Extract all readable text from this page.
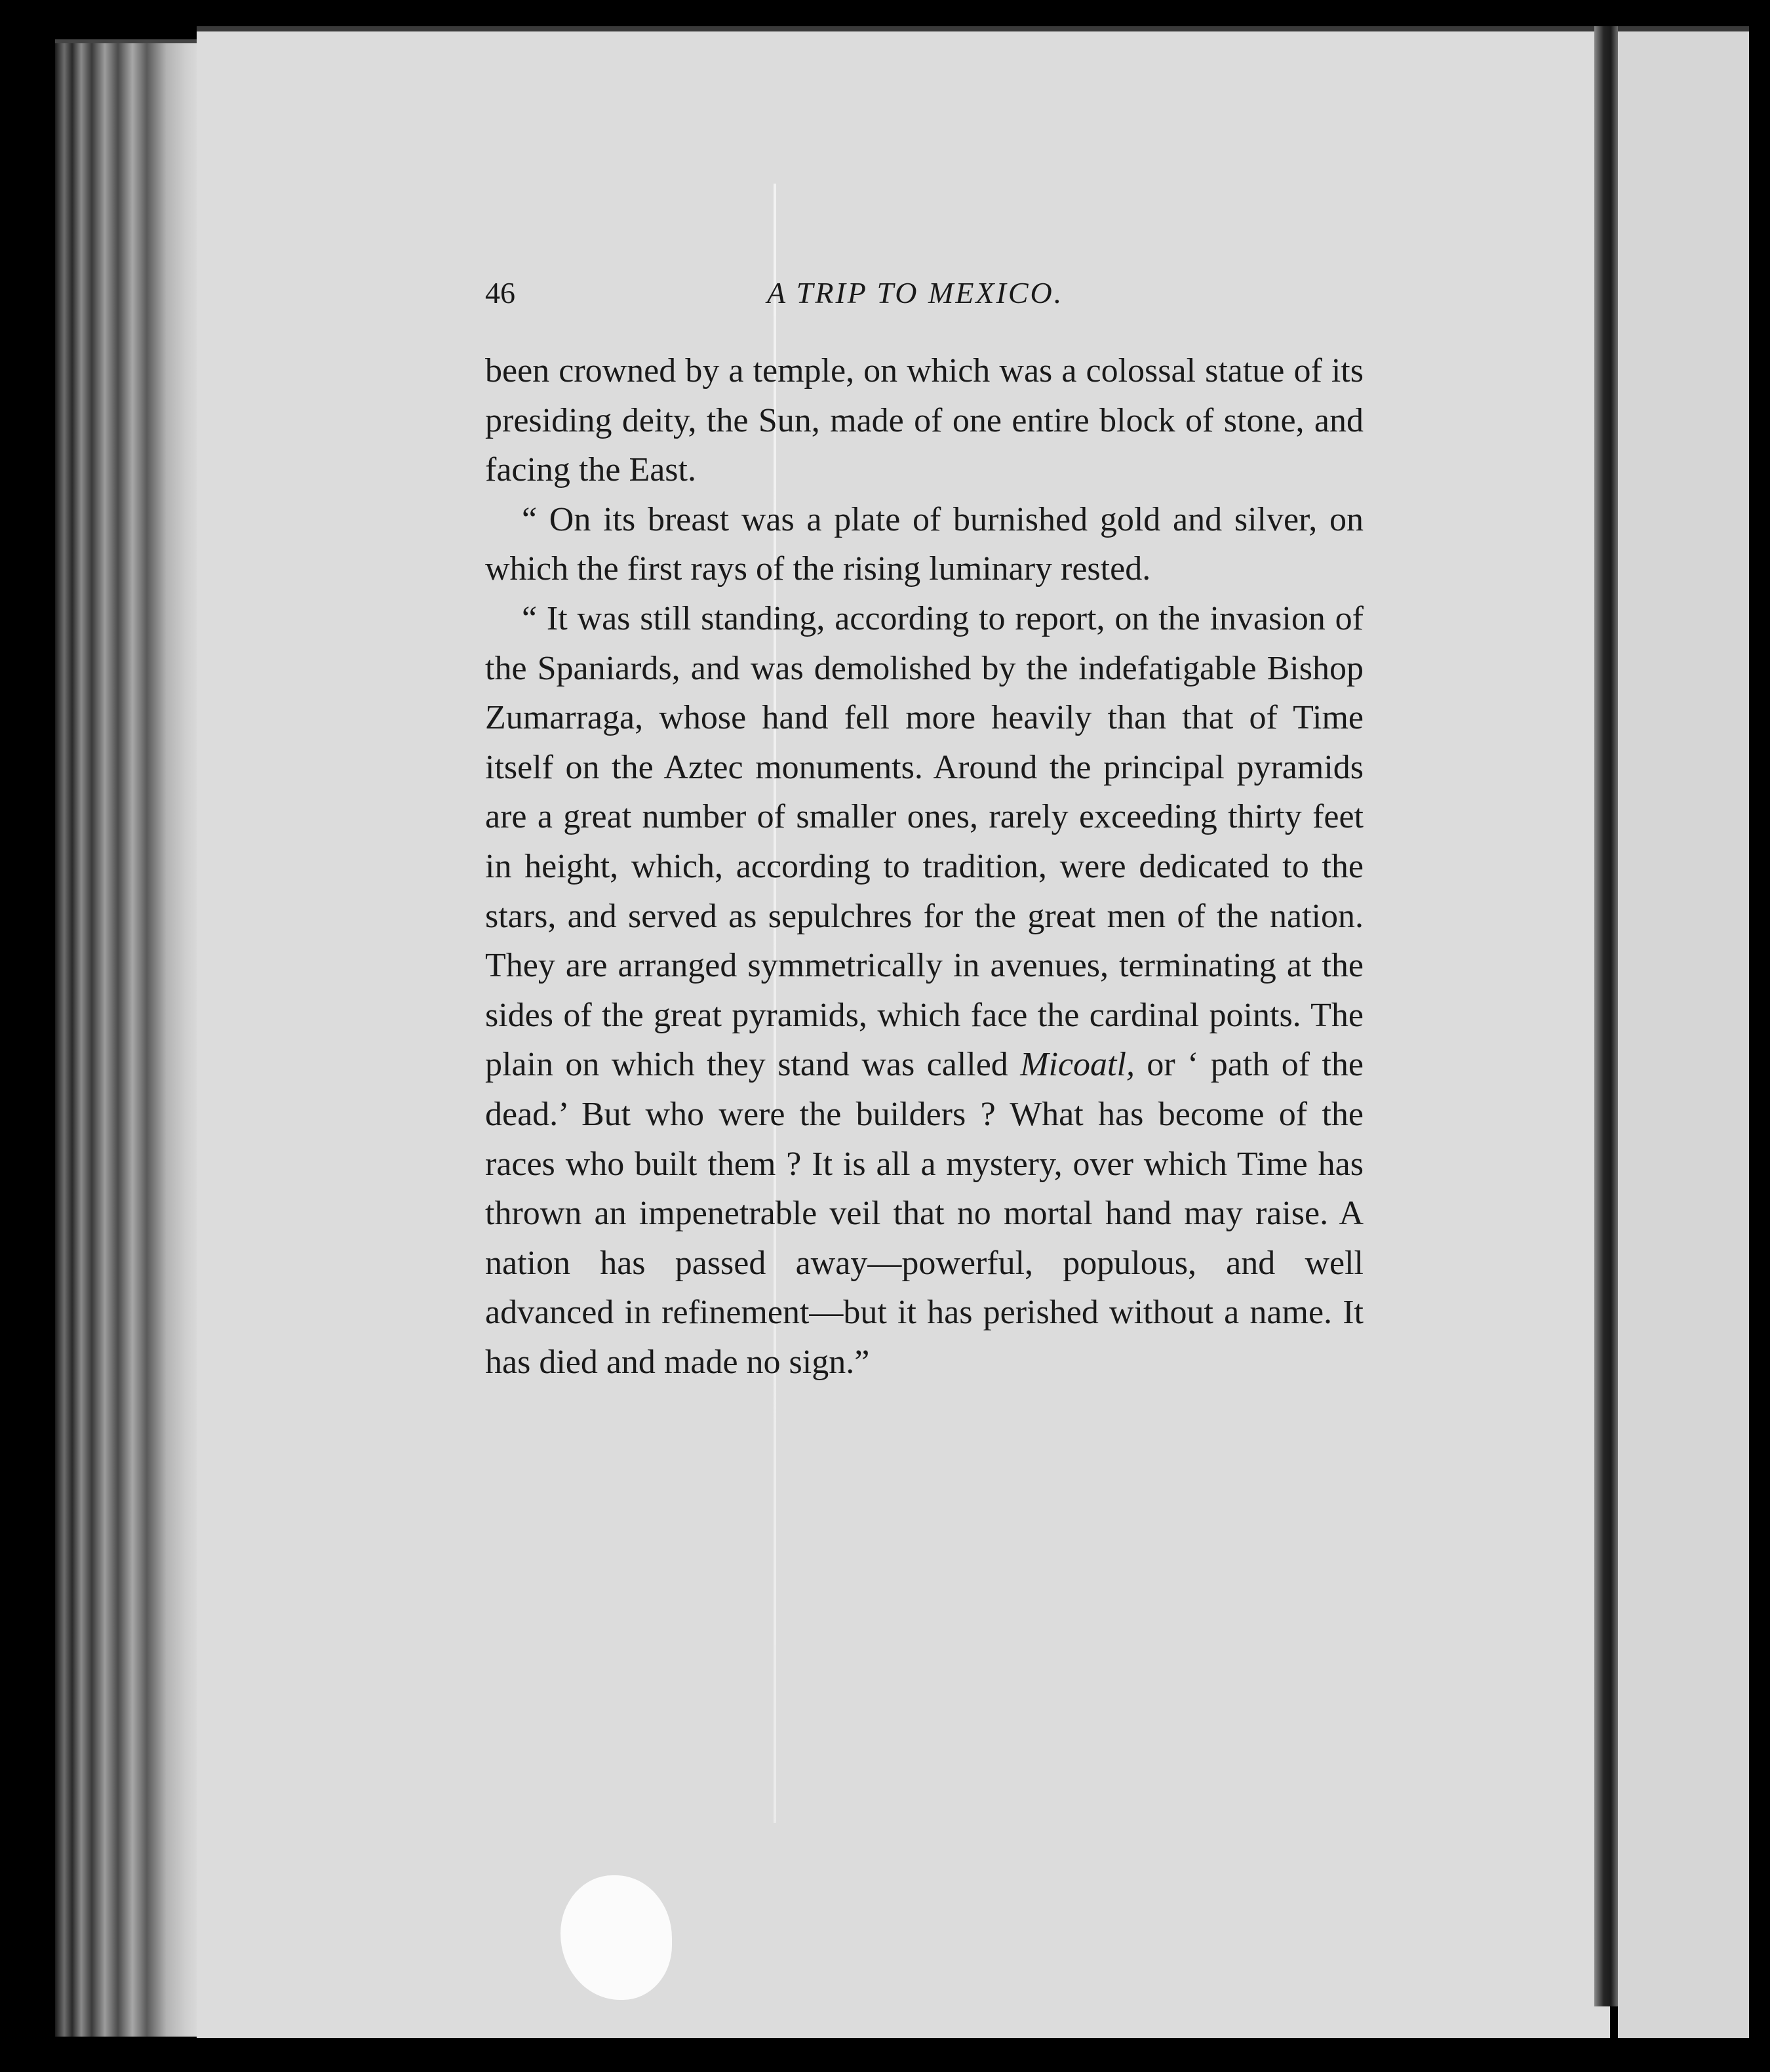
46	A TRIP TO MEXICO.

been crowned by a temple, on which was a colossal statue of its presiding deity, the Sun, made of one entire block of stone, and facing the East.

“ On its breast was a plate of burnished gold and silver, on which the first rays of the rising luminary rested.

“ It was still standing, according to report, on the invasion of the Spaniards, and was demolished by the indefatigable Bishop Zumarraga, whose hand fell more heavily than that of Time itself on the Aztec monuments. Around the principal pyramids are a great number of smaller ones, rarely exceeding thirty feet in height, which, according to tradition, were dedicated to the stars, and served as sepulchres for the great men of the nation. They are arranged symmetrically in avenues, terminating at the sides of the great pyramids, which face the cardinal points. The plain on which they stand was called Micoatl, or ‘ path of the dead.’ But who were the builders ? What has become of the races who built them ? It is all a mystery, over which Time has thrown an impenetrable veil that no mortal hand may raise. A nation has passed away—powerful, populous, and well advanced in refinement—but it has perished without a name. It has died and made no sign.”
